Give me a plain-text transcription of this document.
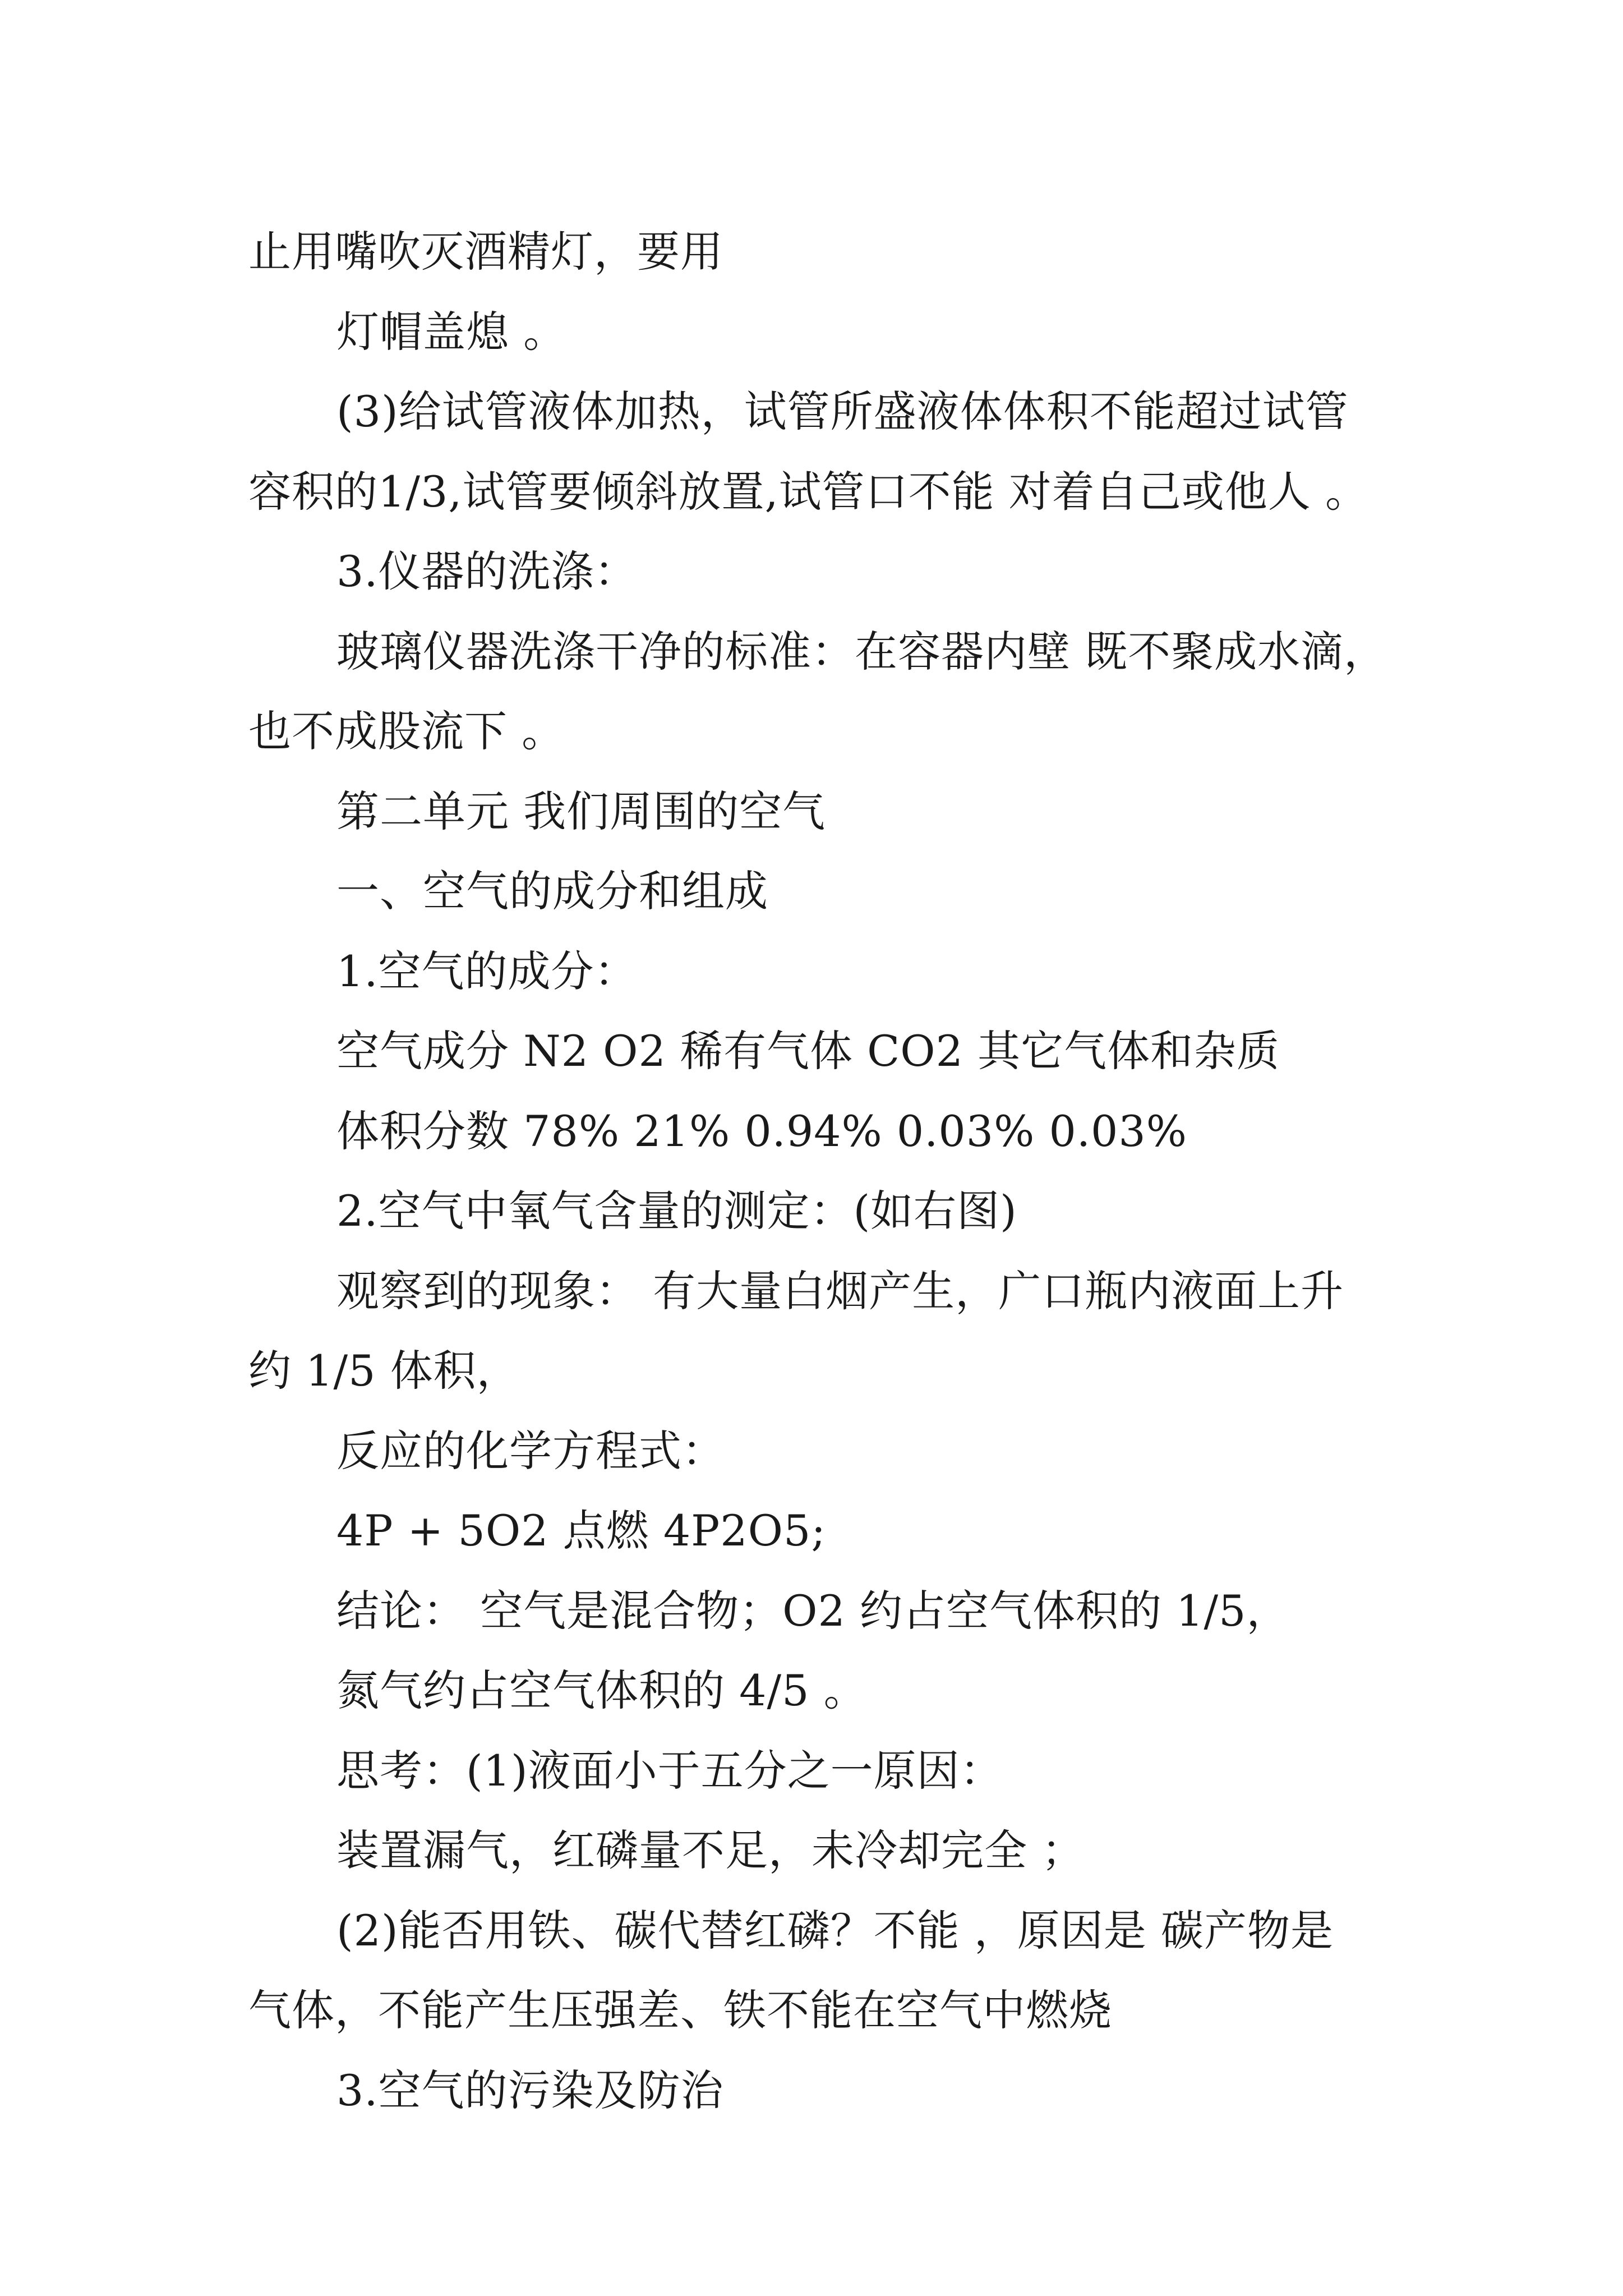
止用嘴吹灭酒精灯，要用
灯帽盖熄 。
(3)给试管液体加热，试管所盛液体体积不能超过试管
容积的1/3,试管要倾斜放置,试管口不能 对着自己或他人 。
3.仪器的洗涤：
玻璃仪器洗涤干净的标准：在容器内壁 既不聚成水滴，
也不成股流下 。
第二单元 我们周围的空气
一、空气的成分和组成
1.空气的成分：
空气成分 N2 O2 稀有气体 CO2 其它气体和杂质
体积分数 78% 21% 0.94% 0.03% 0.03%
2.空气中氧气含量的测定：(如右图)
观察到的现象： 有大量白烟产生，广口瓶内液面上升
约 1/5 体积，
反应的化学方程式：
4P + 5O2 点燃 4P2O5;
结论： 空气是混合物；O2 约占空气体积的 1/5，
氮气约占空气体积的 4/5 。
思考：(1)液面小于五分之一原因：
装置漏气，红磷量不足，未冷却完全 ；
(2)能否用铁、碳代替红磷？不能 ，原因是 碳产物是
气体，不能产生压强差、铁不能在空气中燃烧
3.空气的污染及防治
